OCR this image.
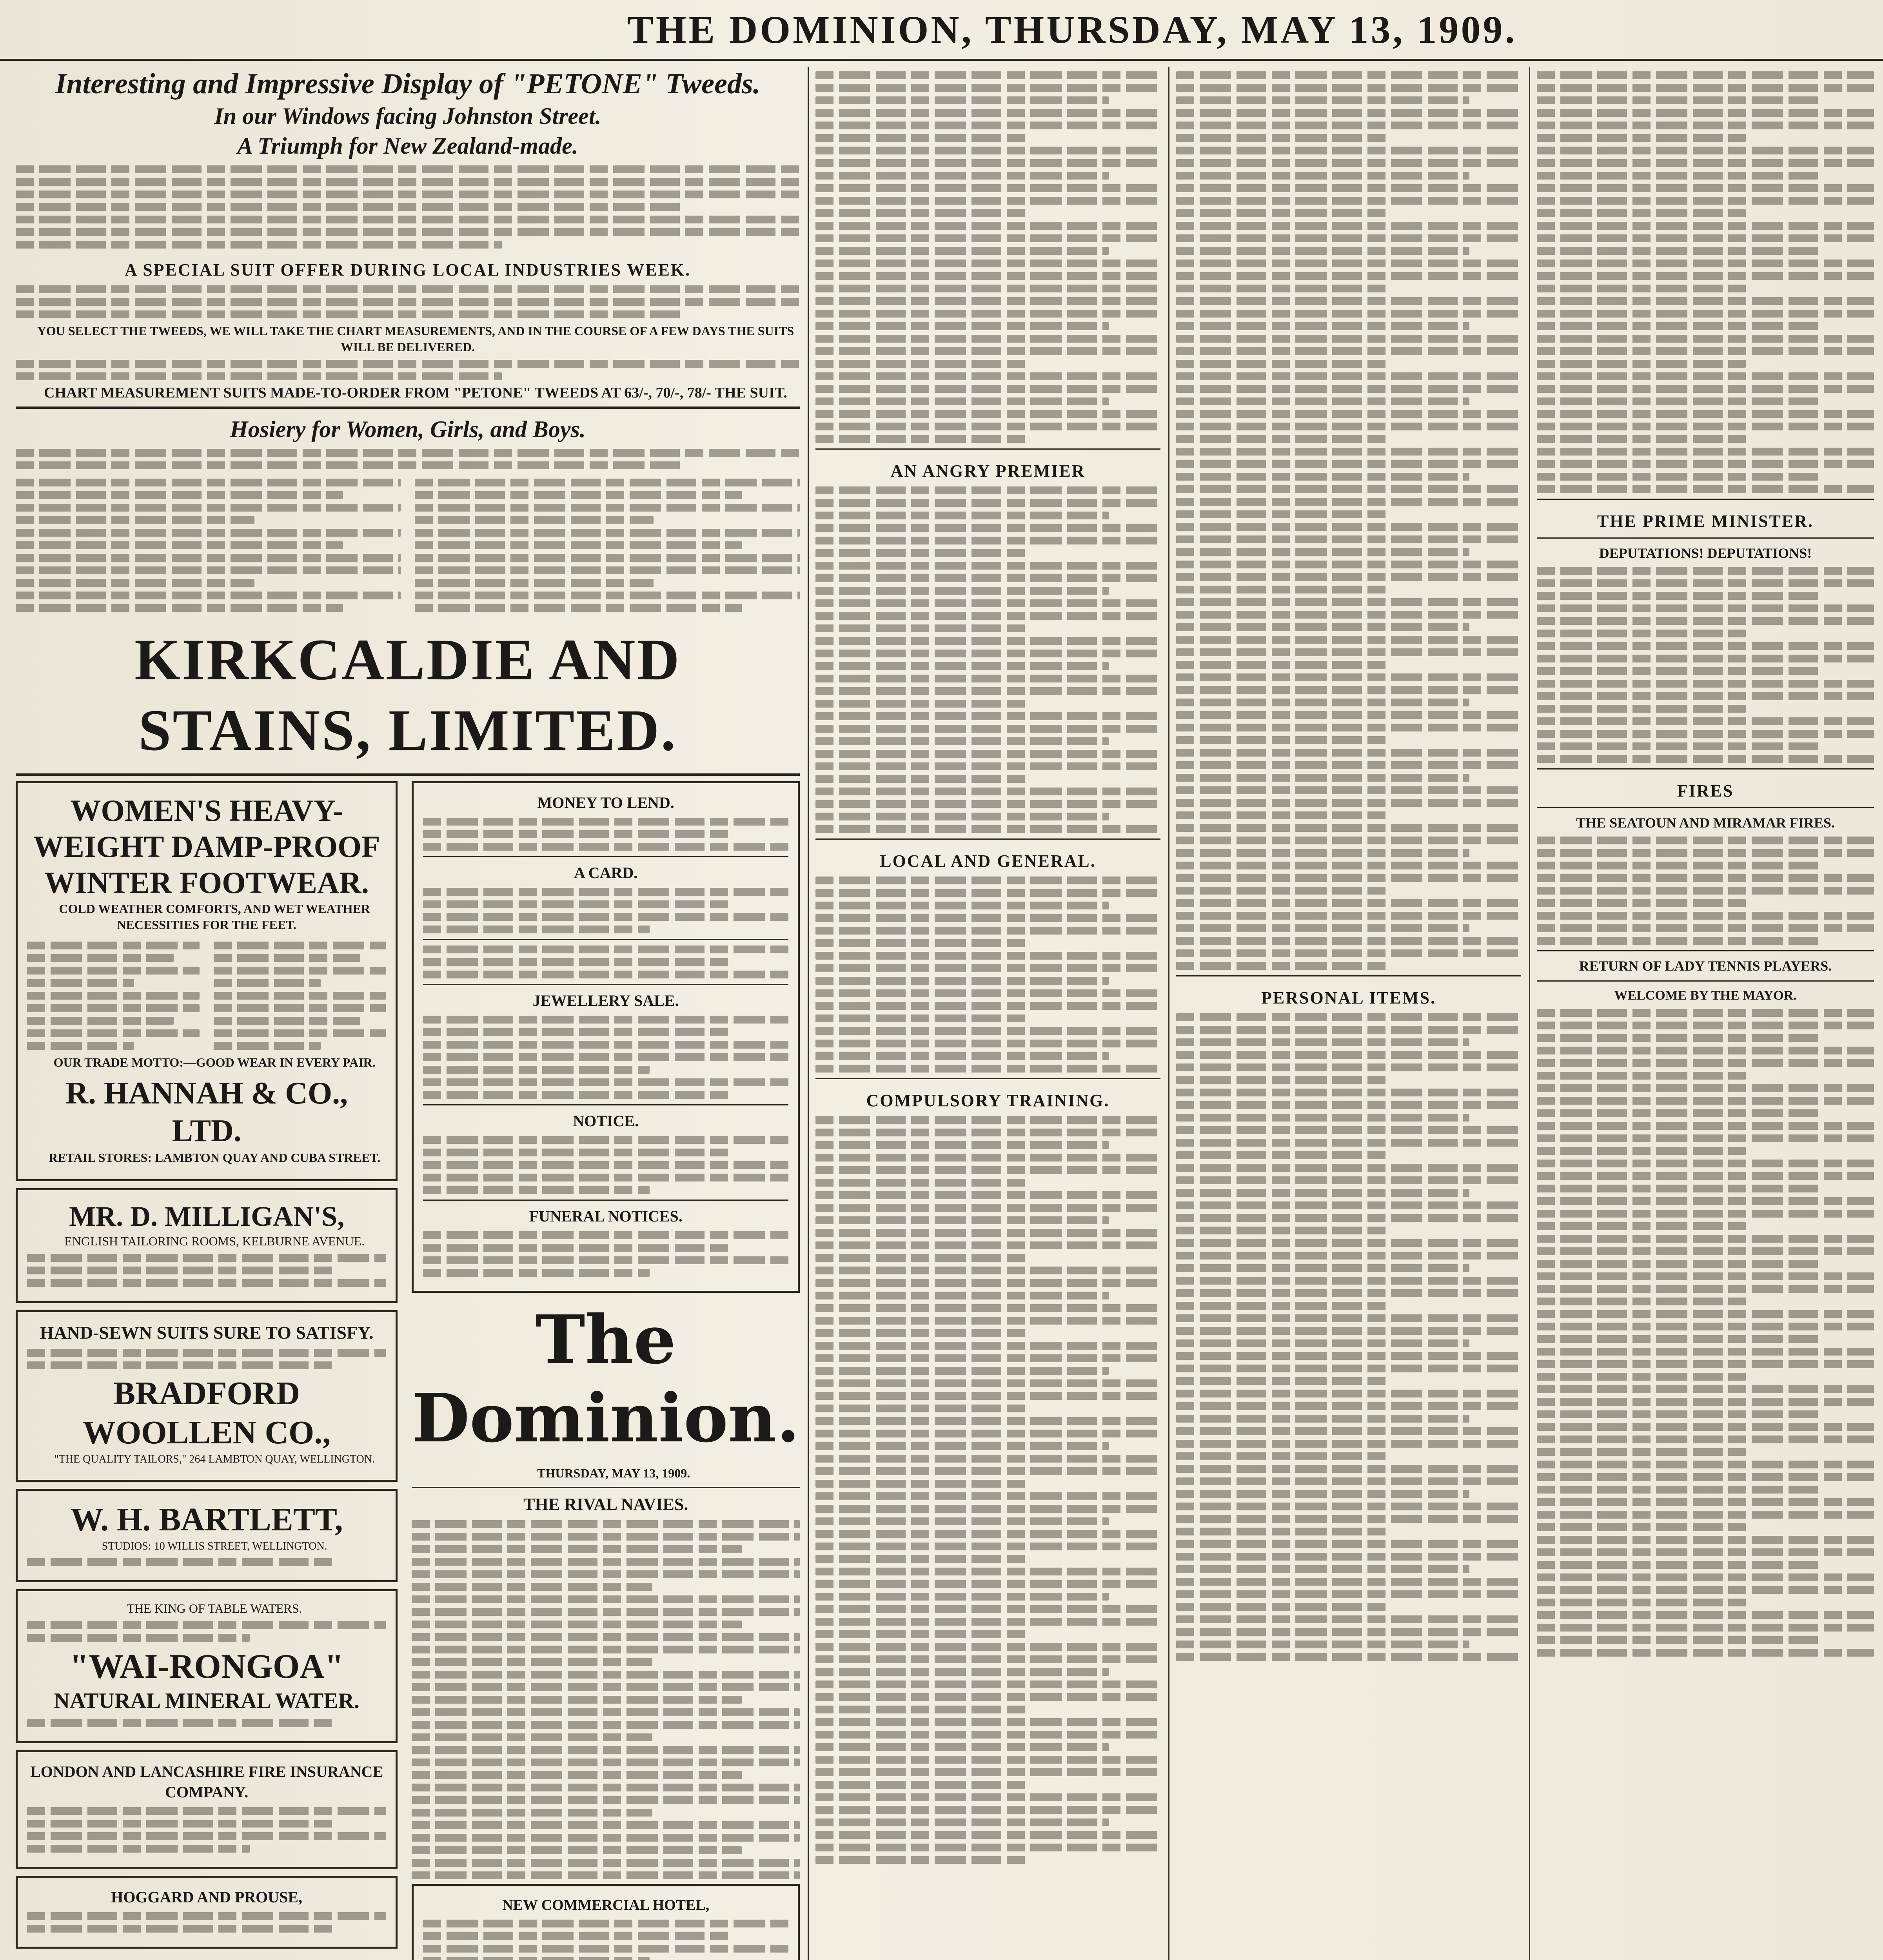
THE DOMINION, THURSDAY, MAY 13, 1909.
Interesting and Impressive Display of "PETONE" Tweeds.
In our Windows facing Johnston Street.
A Triumph for New Zealand-made.
A SPECIAL SUIT OFFER DURING LOCAL INDUSTRIES WEEK.

YOU SELECT THE TWEEDS, WE WILL TAKE THE CHART MEASUREMENTS, AND IN THE COURSE OF A FEW DAYS THE SUITS WILL BE DELIVERED.

CHART MEASUREMENT SUITS MADE-TO-ORDER FROM "PETONE" TWEEDS AT 63/-, 70/-, 78/- THE SUIT.

Hosiery for Women, Girls, and Boys.
KIRKCALDIE AND STAINS, LIMITED.
WOMEN'S HEAVY-WEIGHT DAMP-PROOF WINTER FOOTWEAR.

COLD WEATHER COMFORTS, AND WET WEATHER NECESSITIES FOR THE FEET.

OUR TRADE MOTTO:—GOOD WEAR IN EVERY PAIR.

R. HANNAH & CO., LTD.

RETAIL STORES: LAMBTON QUAY AND CUBA STREET.

MR. D. MILLIGAN'S,

ENGLISH TAILORING ROOMS, KELBURNE AVENUE.

HAND-SEWN SUITS SURE TO SATISFY.
BRADFORD WOOLLEN CO.,

"THE QUALITY TAILORS," 264 LAMBTON QUAY, WELLINGTON.

W. H. BARTLETT,

STUDIOS: 10 WILLIS STREET, WELLINGTON.

THE KING OF TABLE WATERS.

"WAI-RONGOA"
NATURAL MINERAL WATER.
LONDON AND LANCASHIRE FIRE INSURANCE COMPANY.
HOGGARD AND PROUSE,
MONEY TO LEND.
A CARD.
JEWELLERY SALE.
NOTICE.
FUNERAL NOTICES.
The Dominion.

THURSDAY, MAY 13, 1909.

THE RIVAL NAVIES.
NEW COMMERCIAL HOTEL,
AN ANGRY PREMIER
LOCAL AND GENERAL.
COMPULSORY TRAINING.
PERSONAL ITEMS.
THE PRIME MINISTER.
DEPUTATIONS! DEPUTATIONS!
FIRES
THE SEATOUN AND MIRAMAR FIRES.
RETURN OF LADY TENNIS PLAYERS.
WELCOME BY THE MAYOR.
